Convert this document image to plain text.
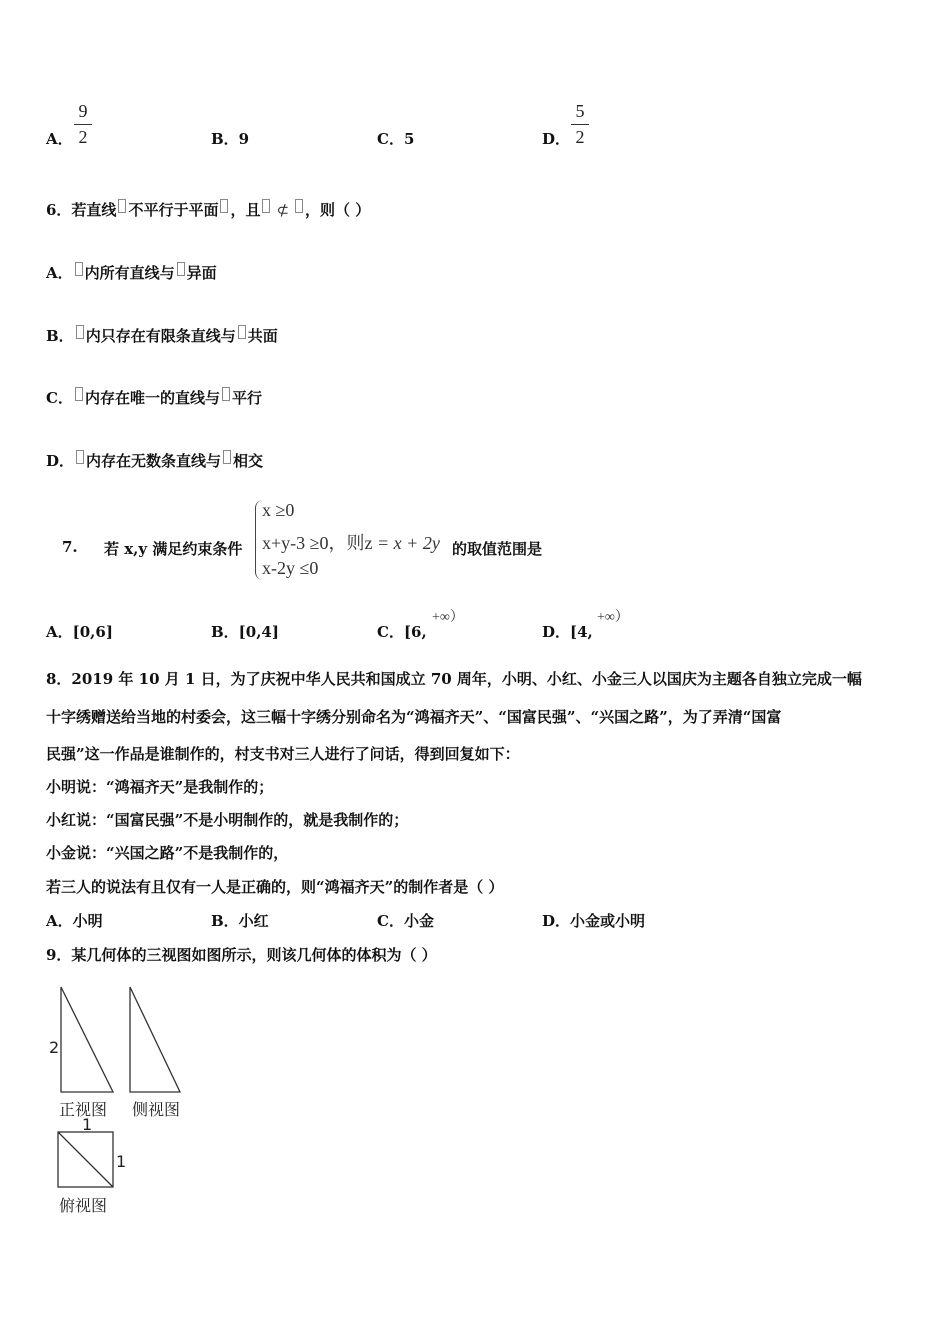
A．
9
2	B．9	C．5	D．
5
2
6．若直线 不平行于平面 ，且 ⊄ ，则（ ）
A． 内所有直线与 异面
B． 内只存在有限条直线与 共面
C． 内存在唯一的直线与 平行
D． 内存在无数条直线与 相交
7. 若 x,y 满足约束条件
x ≥0
x+y-3 ≥0，则z = x + 2y
x-2y ≤0
的取值范围是
A．[0,6]	B．[0,4]	C．[6,
+∞）
D．[4,
+∞）
8．2019 年 10 月 1 日，为了庆祝中华人民共和国成立 70 周年，小明、小红、小金三人以国庆为主题各自独立完成一幅
十字绣赠送给当地的村委会，这三幅十字绣分别命名为“鸿福齐天”、“国富民强”、“兴国之路”，为了弄清“国富
民强”这一作品是谁制作的，村支书对三人进行了问话，得到回复如下：
小明说：“鸿福齐天”是我制作的；
小红说：“国富民强”不是小明制作的，就是我制作的；
小金说：“兴国之路”不是我制作的，
若三人的说法有且仅有一人是正确的，则“鸿福齐天”的制作者是（ ）
A．小明	B．小红	C．小金	D．小金或小明
9．某几何体的三视图如图所示，则该几何体的体积为（ ）
2
正视图 侧视图
1
1
俯视图
